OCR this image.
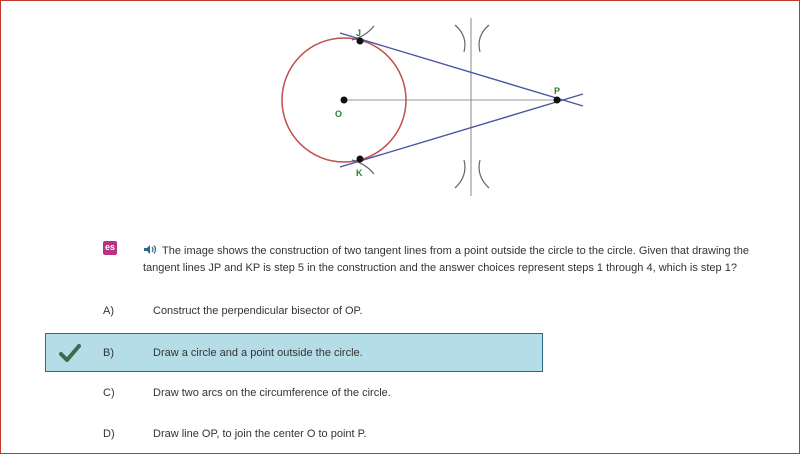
J
P
O
K
es	The image shows the construction of two tangent lines from a point outside the circle to the circle. Given that drawing the tangent lines JP and KP is step 5 in the construction and the answer choices represent steps 1 through 4, which is step 1?
A)	Construct the perpendicular bisector of OP.
B)	Draw a circle and a point outside the circle.
C)	Draw two arcs on the circumference of the circle.
D)	Draw line OP, to join the center O to point P.
